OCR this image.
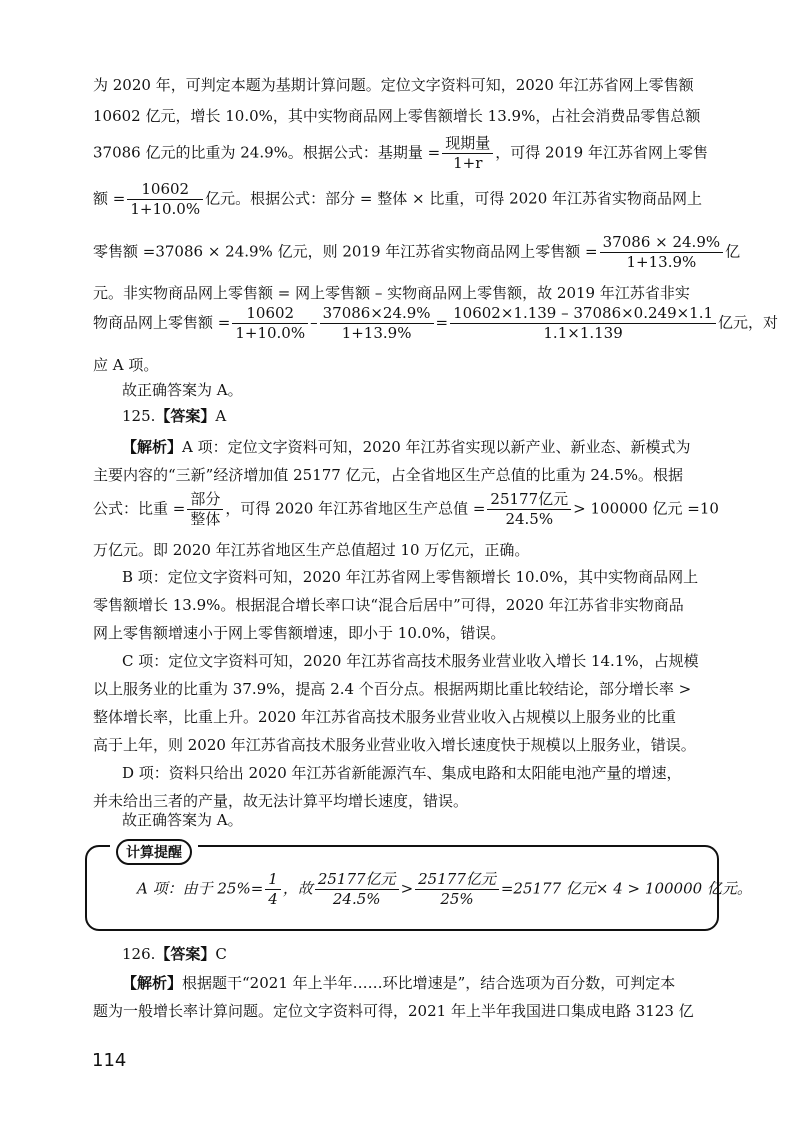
为 2020 年，可判定本题为基期计算问题。定位文字资料可知，2020 年江苏省网上零售额
10602 亿元，增长 10.0%，其中实物商品网上零售额增长 13.9%，占社会消费品零售总额
37086 亿元的比重为 24.9%。根据公式：基期量 = $\frac{\text{现期量}}{1+r}$ ，可得 2019 年江苏省网上零售
额 = $\frac{10602}{1+10.0\%}$ 亿元。根据公式：部分 = 整体 × 比重，可得 2020 年江苏省实物商品网上
零售额 =37086 × 24.9% 亿元，则 2019 年江苏省实物商品网上零售额 = $\frac{37086 \times 24.9\%}{1+13.9\%}$ 亿
元。非实物商品网上零售额 = 网上零售额 – 实物商品网上零售额，故 2019 年江苏省非实
物商品网上零售额 = $\frac{10602}{1+10.0\%} - \frac{37086\times 24.9\%}{1+13.9\%} = \frac{10602\times 1.139 - 37086\times 0.249\times 1.1}{1.1\times 1.139}$ 亿元，对
应 A 项。
故正确答案为 A。
125.【答案】A
【解析】A 项：定位文字资料可知，2020 年江苏省实现以新产业、新业态、新模式为
主要内容的“三新”经济增加值 25177 亿元，占全省地区生产总值的比重为 24.5%。根据
公式：比重 = $\frac{\text{部分}}{\text{整体}}$ ，可得 2020 年江苏省地区生产总值 = $\frac{\text{25177亿元}}{24.5\%} > 100000$ 亿元 =10
万亿元。即 2020 年江苏省地区生产总值超过 10 万亿元，正确。
B 项：定位文字资料可知，2020 年江苏省网上零售额增长 10.0%，其中实物商品网上
零售额增长 13.9%。根据混合增长率口诀“混合后居中”可得，2020 年江苏省非实物商品
网上零售额增速小于网上零售额增速，即小于 10.0%，错误。
C 项：定位文字资料可知，2020 年江苏省高技术服务业营业收入增长 14.1%，占规模
以上服务业的比重为 37.9%，提高 2.4 个百分点。根据两期比重比较结论，部分增长率 >
整体增长率，比重上升。2020 年江苏省高技术服务业营业收入占规模以上服务业的比重
高于上年，则 2020 年江苏省高技术服务业营业收入增长速度快于规模以上服务业，错误。
D 项：资料只给出 2020 年江苏省新能源汽车、集成电路和太阳能电池产量的增速，
并未给出三者的产量，故无法计算平均增长速度，错误。
故正确答案为 A。
计算提醒
A 项：由于 $25\%= \frac{1}{4}$ ，故 $\frac{\text{25177亿元}}{24.5\%} > \frac{\text{25177亿元}}{25\%} =25177$ 亿元× 4 > 100000 亿元。
126.【答案】C
【解析】根据题干“2021 年上半年……环比增速是”，结合选项为百分数，可判定本
题为一般增长率计算问题。定位文字资料可得，2021 年上半年我国进口集成电路 3123 亿
114
